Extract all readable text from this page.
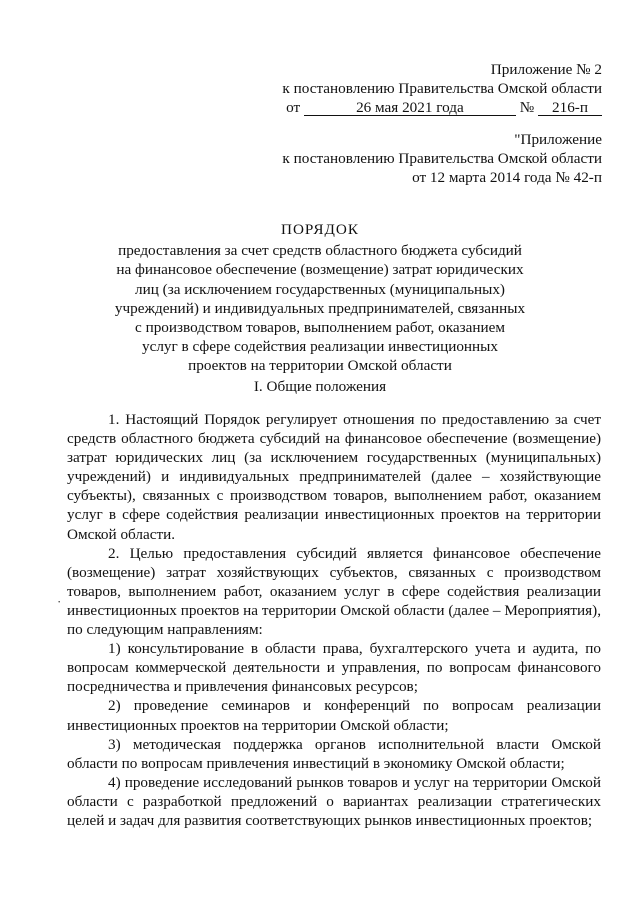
Приложение № 2
к постановлению Правительства Омской области
от	26 мая 2021 года	№ 216-п
"Приложение
к постановлению Правительства Омской области
от 12 марта 2014 года № 42-п
ПОРЯДОК
предоставления за счет средств областного бюджета субсидий
на финансовое обеспечение (возмещение) затрат юридических
лиц (за исключением государственных (муниципальных)
учреждений) и индивидуальных предпринимателей, связанных
с производством товаров, выполнением работ, оказанием
услуг в сфере содействия реализации инвестиционных
проектов на территории Омской области
I. Общие положения

1. Настоящий Порядок регулирует отношения по предоставлению за счет средств областного бюджета субсидий на финансовое обеспечение (возмещение) затрат юридических лиц (за исключением государственных (муниципальных) учреждений) и индивидуальных предпринимателей (далее – хозяйствующие субъекты), связанных с производством товаров, выполнением работ, оказанием услуг в сфере содействия реализации инвестиционных проектов на территории Омской области.

2. Целью предоставления субсидий является финансовое обеспечение (возмещение) затрат хозяйствующих субъектов, связанных с производством товаров, выполнением работ, оказанием услуг в сфере содействия реализации инвестиционных проектов на территории Омской области (далее – Мероприятия), по следующим направлениям:

1) консультирование в области права, бухгалтерского учета и аудита, по вопросам коммерческой деятельности и управления, по вопросам финансового посредничества и привлечения финансовых ресурсов;

2) проведение семинаров и конференций по вопросам реализации инвестиционных проектов на территории Омской области;

3) методическая поддержка органов исполнительной власти Омской области по вопросам привлечения инвестиций в экономику Омской области;

4) проведение исследований рынков товаров и услуг на территории Омской области с разработкой предложений о вариантах реализации стратегических целей и задач для развития соответствующих рынков инвестиционных проектов;

·
